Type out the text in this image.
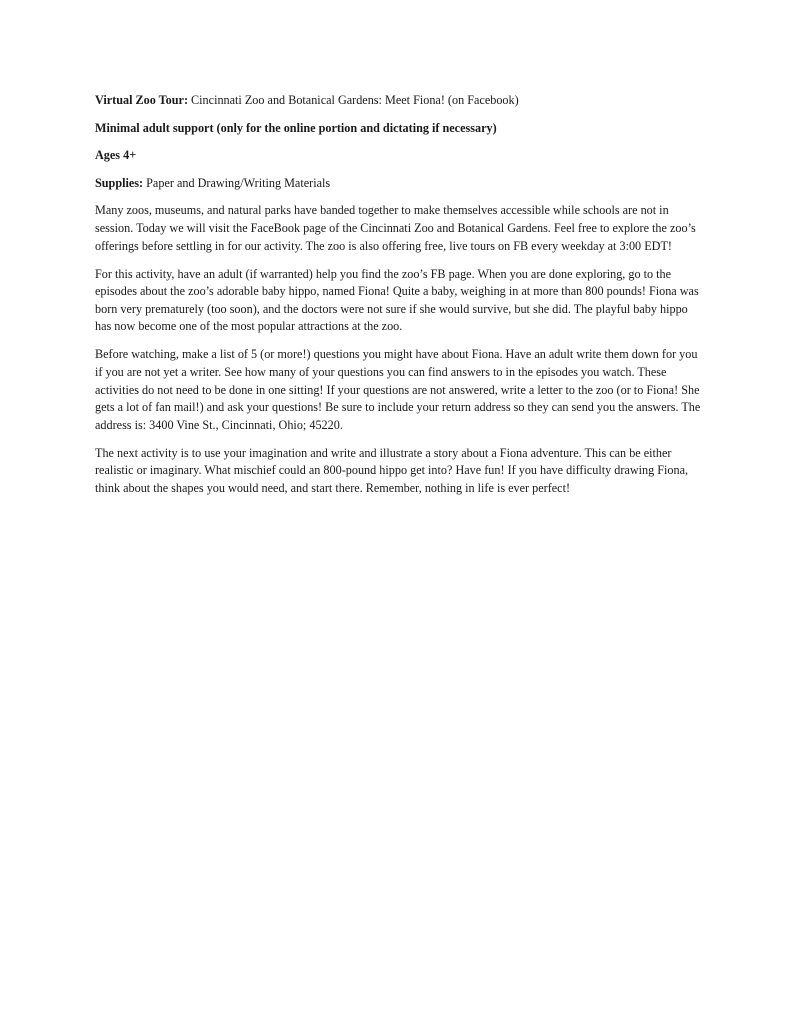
Virtual Zoo Tour: Cincinnati Zoo and Botanical Gardens: Meet Fiona! (on Facebook)

Minimal adult support (only for the online portion and dictating if necessary)

Ages 4+

Supplies: Paper and Drawing/Writing Materials

Many zoos, museums, and natural parks have banded together to make themselves accessible while schools are not in session. Today we will visit the FaceBook page of the Cincinnati Zoo and Botanical Gardens. Feel free to explore the zoo’s offerings before settling in for our activity. The zoo is also offering free, live tours on FB every weekday at 3:00 EDT!

For this activity, have an adult (if warranted) help you find the zoo’s FB page. When you are done exploring, go to the episodes about the zoo’s adorable baby hippo, named Fiona! Quite a baby, weighing in at more than 800 pounds! Fiona was born very prematurely (too soon), and the doctors were not sure if she would survive, but she did. The playful baby hippo has now become one of the most popular attractions at the zoo.

Before watching, make a list of 5 (or more!) questions you might have about Fiona. Have an adult write them down for you if you are not yet a writer. See how many of your questions you can find answers to in the episodes you watch. These activities do not need to be done in one sitting! If your questions are not answered, write a letter to the zoo (or to Fiona! She gets a lot of fan mail!) and ask your questions! Be sure to include your return address so they can send you the answers. The address is: 3400 Vine St., Cincinnati, Ohio; 45220.

The next activity is to use your imagination and write and illustrate a story about a Fiona adventure. This can be either realistic or imaginary. What mischief could an 800-pound hippo get into? Have fun! If you have difficulty drawing Fiona, think about the shapes you would need, and start there. Remember, nothing in life is ever perfect!
